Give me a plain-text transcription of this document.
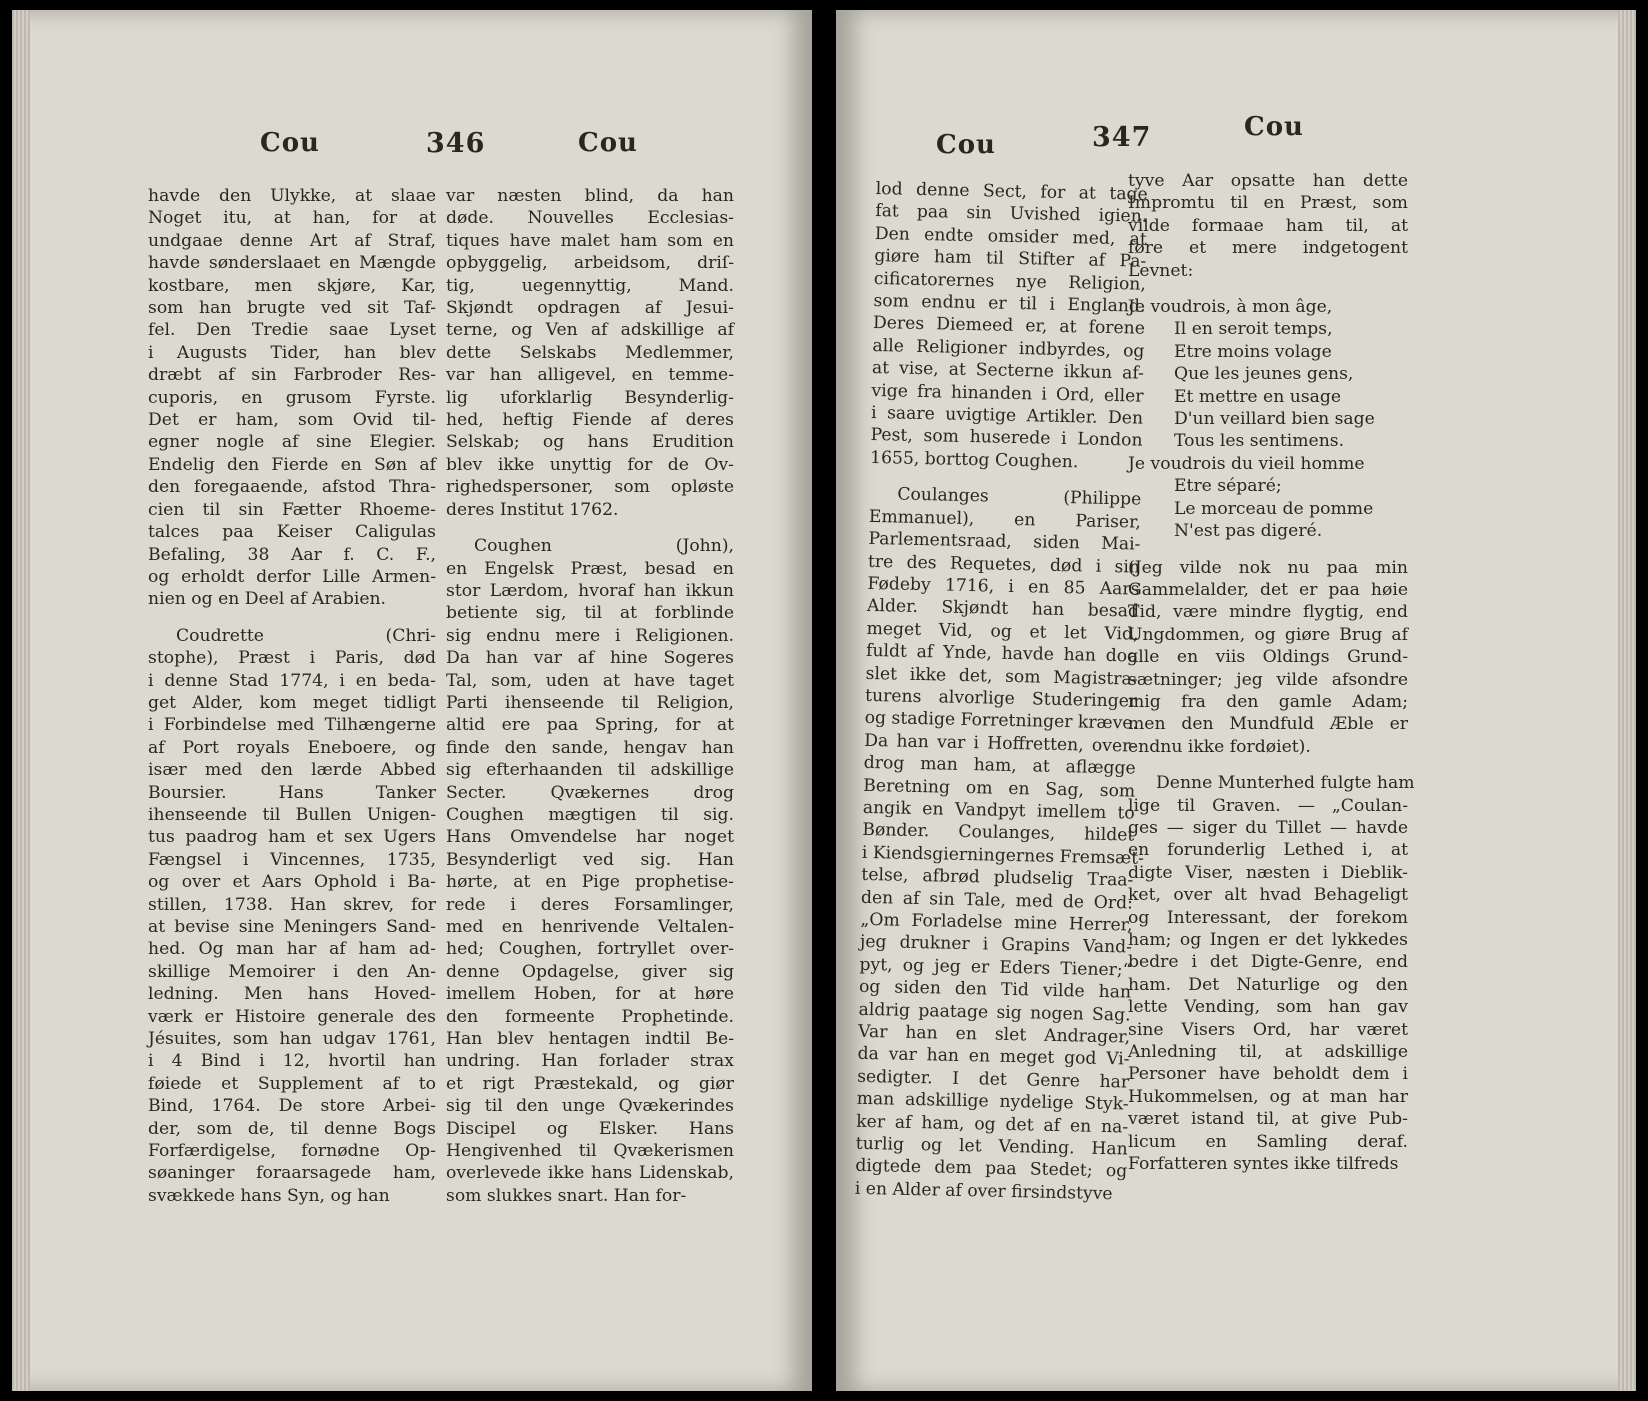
Cou	346	Cou
havde den Ulykke, at slaae
Noget itu, at han, for at
undgaae denne Art af Straf,
havde sønderslaaet en Mængde
kostbare, men skjøre, Kar,
som han brugte ved sit Taf-
fel. Den Tredie saae Lyset
i Augusts Tider, han blev
dræbt af sin Farbroder Res-
cuporis, en grusom Fyrste.
Det er ham, som Ovid til-
egner nogle af sine Elegier.
Endelig den Fierde en Søn af
den foregaaende, afstod Thra-
cien til sin Fætter Rhoeme-
talces paa Keiser Caligulas
Befaling, 38 Aar f. C. F.,
og erholdt derfor Lille Armen-
nien og en Deel af Arabien.
Coudrette (Chri-
stophe), Præst i Paris, død
i denne Stad 1774, i en beda-
get Alder, kom meget tidligt
i Forbindelse med Tilhængerne
af Port royals Eneboere, og
især med den lærde Abbed
Boursier. Hans Tanker
ihenseende til Bullen Unigen-
tus paadrog ham et sex Ugers
Fængsel i Vincennes, 1735,
og over et Aars Ophold i Ba-
stillen, 1738. Han skrev, for
at bevise sine Meningers Sand-
hed. Og man har af ham ad-
skillige Memoirer i den An-
ledning. Men hans Hoved-
værk er Histoire generale des
Jésuites, som han udgav 1761,
i 4 Bind i 12, hvortil han
føiede et Supplement af to
Bind, 1764. De store Arbei-
der, som de, til denne Bogs
Forfærdigelse, fornødne Op-
søaninger foraarsagede ham,
svækkede hans Syn, og han
var næsten blind, da han
døde. Nouvelles Ecclesias-
tiques have malet ham som en
opbyggelig, arbeidsom, driſ-
tig, uegennyttig, Mand.
Skjøndt opdragen af Jesui-
terne, og Ven af adskillige af
dette Selskabs Medlemmer,
var han alligevel, en temme-
lig uforklarlig Besynderlig-
hed, heftig Fiende af deres
Selskab; og hans Erudition
blev ikke unyttig for de Ov-
righedspersoner, som opløste
deres Institut 1762.
Coughen (John),
en Engelsk Præst, besad en
stor Lærdom, hvoraf han ikkun
betiente sig, til at forblinde
sig endnu mere i Religionen.
Da han var af hine Sogeres
Tal, som, uden at have taget
Parti ihenseende til Religion,
altid ere paa Spring, for at
finde den sande, hengav han
sig efterhaanden til adskillige
Secter. Qvækernes drog
Coughen mægtigen til sig.
Hans Omvendelse har noget
Besynderligt ved sig. Han
hørte, at en Pige prophetise-
rede i deres Forsamlinger,
med en henrivende Veltalen-
hed; Coughen, fortryllet over-
denne Opdagelse, giver sig
imellem Hoben, for at høre
den formeente Prophetinde.
Han blev hentagen indtil Be-
undring. Han forlader strax
et rigt Præstekald, og giør
sig til den unge Qvækerindes
Discipel og Elsker. Hans
Hengivenhed til Qvækerismen
overlevede ikke hans Lidenskab,
som slukkes snart. Han for-
Cou	347	Cou
lod denne Sect, for at tage
fat paa sin Uvished igien.
Den endte omsider med, at
giøre ham til Stifter af Pa-
cificatorernes nye Religion,
som endnu er til i England.
Deres Diemeed er, at forene
alle Religioner indbyrdes, og
at vise, at Secterne ikkun af-
vige fra hinanden i Ord, eller
i saare uvigtige Artikler. Den
Pest, som huserede i London
1655, borttog Coughen.
Coulanges (Philippe
Emmanuel), en Pariser,
Parlementsraad, siden Mai-
tre des Requetes, død i sin
Fødeby 1716, i en 85 Aars
Alder. Skjøndt han besad
meget Vid, og et let Vid,
fuldt af Ynde, havde han dog
slet ikke det, som Magistra-
turens alvorlige Studeringer
og stadige Forretninger kræve.
Da han var i Hoffretten, over-
drog man ham, at aflægge
Beretning om en Sag, som
angik en Vandpyt imellem to
Bønder. Coulanges, hildet
i Kiendsgierningernes Fremsæt-
telse, afbrød pludselig Traa-
den af sin Tale, med de Ord:
„Om Forladelse mine Herrer,
jeg drukner i Grapins Vand-
pyt, og jeg er Eders Tiener;“
og siden den Tid vilde han
aldrig paatage sig nogen Sag.
Var han en slet Andrager,
da var han en meget god Vi-
sedigter. I det Genre har
man adskillige nydelige Styk-
ker af ham, og det af en na-
turlig og let Vending. Han
digtede dem paa Stedet; og
i en Alder af over firsindstyve
tyve Aar opsatte han dette
Impromtu til en Præst, som
vilde formaae ham til, at
føre et mere indgetogent
Levnet:
Je voudrois, à mon âge,
Il en seroit temps,
Etre moins volage
Que les jeunes gens,
Et mettre en usage
D'un veillard bien sage
Tous les sentimens.
Je voudrois du vieil homme
Etre séparé;
Le morceau de pomme
N'est pas digeré.
(Jeg vilde nok nu paa min
Gammelalder, det er paa høie
Tid, være mindre flygtig, end
Ungdommen, og giøre Brug af
alle en viis Oldings Grund-
sætninger; jeg vilde afsondre
mig fra den gamle Adam;
men den Mundfuld Æble er
endnu ikke fordøiet).
Denne Munterhed fulgte ham
lige til Graven. — „Coulan-
ges — siger du Tillet — havde
en forunderlig Lethed i, at
digte Viser, næsten i Dieblik-
ket, over alt hvad Behageligt
og Interessant, der forekom
ham; og Ingen er det lykkedes
bedre i det Digte-Genre, end
ham. Det Naturlige og den
lette Vending, som han gav
sine Visers Ord, har været
Anledning til, at adskillige
Personer have beholdt dem i
Hukommelsen, og at man har
været istand til, at give Pub-
licum en Samling deraf.
Forfatteren syntes ikke tilfreds
